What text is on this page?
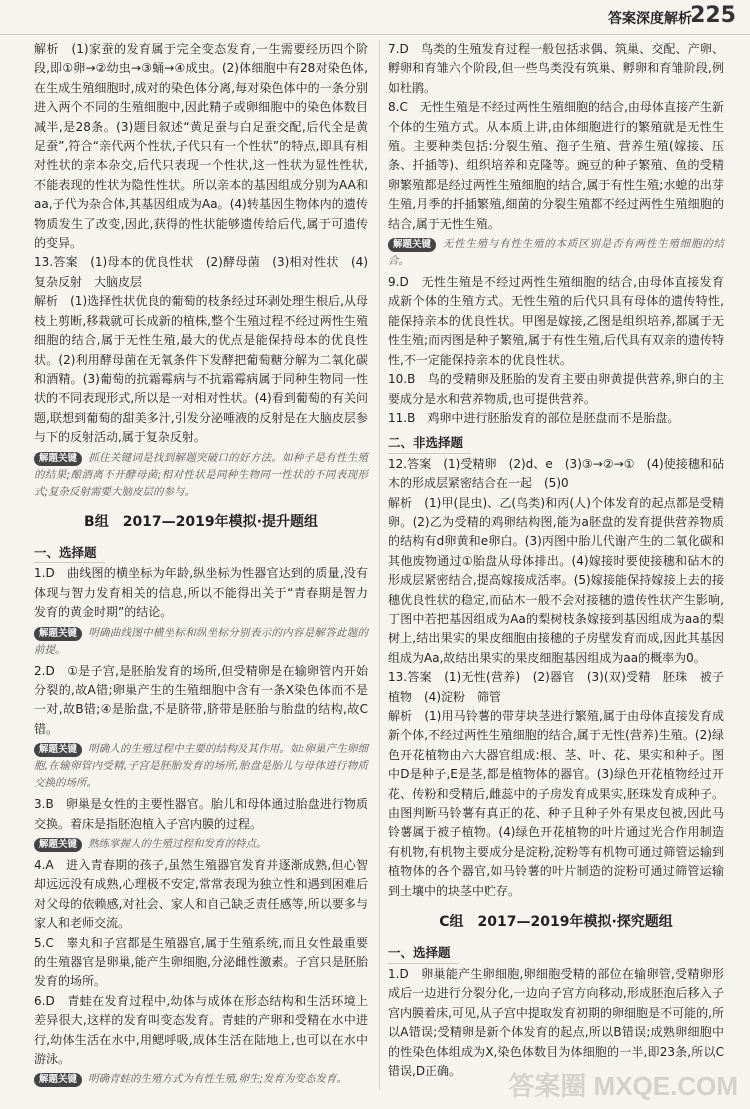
答案深度解析
225

解析　(1)家蚕的发育属于完全变态发育,一生需要经历四个阶段,即①卵→②幼虫→③蛹→④成虫。(2)体细胞中有28对染色体,在生成生殖细胞时,成对的染色体分离,每对染色体中的一条分别进入两个不同的生殖细胞中,因此精子或卵细胞中的染色体数目减半,是28条。(3)题目叙述“黄足蚕与白足蚕交配,后代全是黄足蚕”,符合“亲代两个性状,子代只有一个性状”的特点,即具有相对性状的亲本杂交,后代只表现一个性状,这一性状为显性性状,不能表现的性状为隐性性状。所以亲本的基因组成分别为AA和aa,子代为杂合体,其基因组成为Aa。(4)转基因生物体内的遗传物质发生了改变,因此,获得的性状能够遗传给后代,属于可遗传的变异。

13.答案　(1)母本的优良性状　(2)酵母菌　(3)相对性状　(4)复杂反射　大脑皮层

解析　(1)选择性状优良的葡萄的枝条经过环剥处理生根后,从母枝上剪断,移栽就可长成新的植株,整个生殖过程不经过两性生殖细胞的结合,属于无性生殖,最大的优点是能保持母本的优良性状。(2)利用酵母菌在无氧条件下发酵把葡萄糖分解为二氧化碳和酒精。(3)葡萄的抗霜霉病与不抗霜霉病属于同种生物同一性状的不同表现形式,所以是一对相对性状。(4)看到葡萄的有关问题,联想到葡萄的甜美多汁,引发分泌唾液的反射是在大脑皮层参与下的反射活动,属于复杂反射。

解题关键 抓住关键词是找到解题突破口的好方法。如种子是有性生殖的结果;酿酒离不开酵母菌;相对性状是同种生物同一性状的不同表现形式;复杂反射需要大脑皮层的参与。
B组　2017—2019年模拟·提升题组
一、选择题

1.D　曲线图的横坐标为年龄,纵坐标为性器官达到的质量,没有体现与智力发育相关的信息,所以不能得出关于“青春期是智力发育的黄金时期”的结论。

解题关键 明确曲线图中横坐标和纵坐标分别表示的内容是解答此题的前提。

2.D　①是子宫,是胚胎发育的场所,但受精卵是在输卵管内开始分裂的,故A错;卵巢产生的生殖细胞中含有一条X染色体而不是一对,故B错;④是胎盘,不是脐带,脐带是胚胎与胎盘的结构,故C错。

解题关键 明确人的生殖过程中主要的结构及其作用。如:卵巢产生卵细胞,在输卵管内受精,子宫是胚胎发育的场所,胎盘是胎儿与母体进行物质交换的场所。

3.B　卵巢是女性的主要性器官。胎儿和母体通过胎盘进行物质交换。着床是指胚泡植入子宫内膜的过程。

解题关键 熟练掌握人的生殖过程和发育的特点。

4.A　进入青春期的孩子,虽然生殖器官发育并逐渐成熟,但心智却远远没有成熟,心理极不安定,常常表现为独立性和遇到困难后对父母的依赖感,对社会、家人和自己缺乏责任感等,所以要多与家人和老师交流。

5.C　睾丸和子宫都是生殖器官,属于生殖系统,而且女性最重要的生殖器官是卵巢,能产生卵细胞,分泌雌性激素。子宫只是胚胎发育的场所。

6.D　青蛙在发育过程中,幼体与成体在形态结构和生活环境上差异很大,这样的发育叫变态发育。青蛙的产卵和受精在水中进行,幼体生活在水中,用鳃呼吸,成体生活在陆地上,也可以在水中游泳。

解题关键 明确青蛙的生殖方式为有性生殖,卵生;发育为变态发育。

7.D　鸟类的生殖发育过程一般包括求偶、筑巢、交配、产卵、孵卵和育雏六个阶段,但一些鸟类没有筑巢、孵卵和育雏阶段,例如杜鹃。

8.C　无性生殖是不经过两性生殖细胞的结合,由母体直接产生新个体的生殖方式。从本质上讲,由体细胞进行的繁殖就是无性生殖。主要种类包括:分裂生殖、孢子生殖、营养生殖(嫁接、压条、扦插等)、组织培养和克隆等。豌豆的种子繁殖、鱼的受精卵繁殖都是经过两性生殖细胞的结合,属于有性生殖;水螅的出芽生殖,月季的扦插繁殖,细菌的分裂生殖都不经过两性生殖细胞的结合,属于无性生殖。

解题关键 无性生殖与有性生殖的本质区别是否有两性生殖细胞的结合。

9.D　无性生殖是不经过两性生殖细胞的结合,由母体直接发育成新个体的生殖方式。无性生殖的后代只具有母体的遗传特性,能保持亲本的优良性状。甲图是嫁接,乙图是组织培养,都属于无性生殖;而丙图是种子繁殖,属于有性生殖,后代具有双亲的遗传特性,不一定能保持亲本的优良性状。

10.B　鸟的受精卵及胚胎的发育主要由卵黄提供营养,卵白的主要成分是水和营养物质,也可提供营养。

11.B　鸡卵中进行胚胎发育的部位是胚盘而不是胎盘。

二、非选择题

12.答案　(1)受精卵　(2)d、e　(3)③→②→①　(4)使接穗和砧木的形成层紧密结合在一起　(5)0

解析　(1)甲(昆虫)、乙(鸟类)和丙(人)个体发育的起点都是受精卵。(2)乙为受精的鸡卵结构图,能为a胚盘的发育提供营养物质的结构有d卵黄和e卵白。(3)丙图中胎儿代谢产生的二氧化碳和其他废物通过①胎盘从母体排出。(4)嫁接时要使接穗和砧木的形成层紧密结合,提高嫁接成活率。(5)嫁接能保持嫁接上去的接穗优良性状的稳定,而砧木一般不会对接穗的遗传性状产生影响,丁图中若把基因组成为Aa的梨树枝条嫁接到基因组成为aa的梨树上,结出果实的果皮细胞由接穗的子房壁发育而成,因此其基因组成为Aa,故结出果实的果皮细胞基因组成为aa的概率为0。

13.答案　(1)无性(营养)　(2)器官　(3)(双)受精　胚珠　被子植物　(4)淀粉　筛管

解析　(1)用马铃薯的带芽块茎进行繁殖,属于由母体直接发育成新个体,不经过两性生殖细胞的结合,属于无性(营养)生殖。(2)绿色开花植物由六大器官组成:根、茎、叶、花、果实和种子。图中D是种子,E是茎,都是植物体的器官。(3)绿色开花植物经过开花、传粉和受精后,雌蕊中的子房发育成果实,胚珠发育成种子。由图判断马铃薯有真正的花、种子且种子外有果皮包被,因此马铃薯属于被子植物。(4)绿色开花植物的叶片通过光合作用制造有机物,有机物主要成分是淀粉,淀粉等有机物可通过筛管运输到植物体的各个器官,如马铃薯的叶片制造的淀粉可通过筛管运输到土壤中的块茎中贮存。

C组　2017—2019年模拟·探究题组
一、选择题

1.D　卵巢能产生卵细胞,卵细胞受精的部位在输卵管,受精卵形成后一边进行分裂分化,一边向子宫方向移动,形成胚泡后移入子宫内膜着床,可见,从子宫中提取发育初期的卵细胞是不可能的,所以A错误;受精卵是新个体发育的起点,所以B错误;成熟卵细胞中的性染色体组成为X,染色体数目为体细胞的一半,即23条,所以C错误,D正确。

答案圈 MXQE.COM
